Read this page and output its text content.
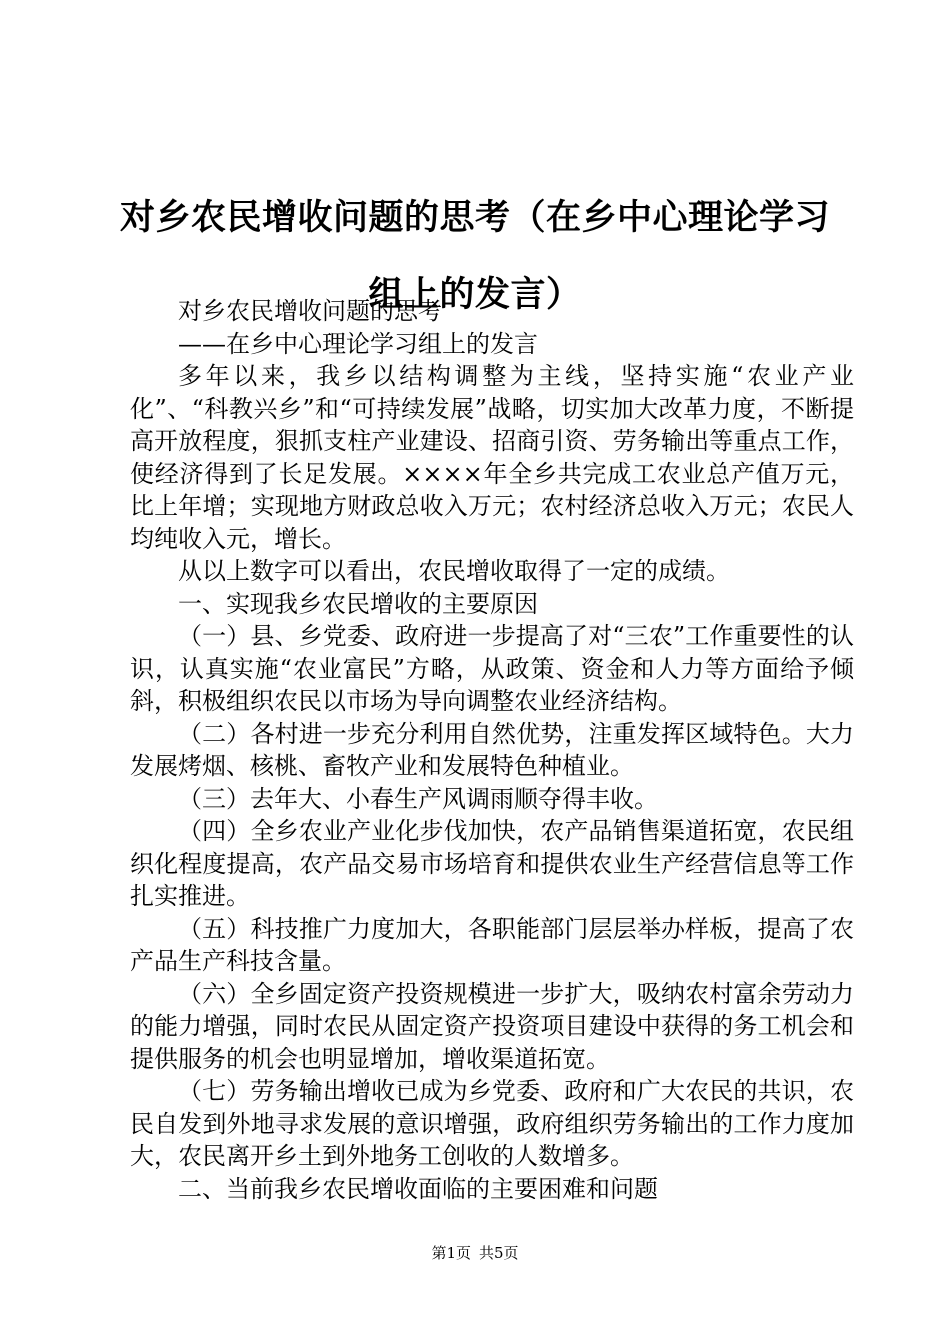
对乡农民增收问题的思考（在乡中心理论学习组上的发言）

对乡农民增收问题的思考

——在乡中心理论学习组上的发言

多年以来，我乡以结构调整为主线，坚持实施“农业产业化”、“科教兴乡”和“可持续发展”战略，切实加大改革力度，不断提高开放程度，狠抓支柱产业建设、招商引资、劳务输出等重点工作，使经济得到了长足发展。××××年全乡共完成工农业总产值万元，比上年增；实现地方财政总收入万元；农村经济总收入万元；农民人均纯收入元，增长。

从以上数字可以看出，农民增收取得了一定的成绩。

一、实现我乡农民增收的主要原因

（一）县、乡党委、政府进一步提高了对“三农”工作重要性的认识，认真实施“农业富民”方略，从政策、资金和人力等方面给予倾斜，积极组织农民以市场为导向调整农业经济结构。

（二）各村进一步充分利用自然优势，注重发挥区域特色。大力发展烤烟、核桃、畜牧产业和发展特色种植业。

（三）去年大、小春生产风调雨顺夺得丰收。

（四）全乡农业产业化步伐加快，农产品销售渠道拓宽，农民组织化程度提高，农产品交易市场培育和提供农业生产经营信息等工作扎实推进。

（五）科技推广力度加大，各职能部门层层举办样板，提高了农产品生产科技含量。

（六）全乡固定资产投资规模进一步扩大，吸纳农村富余劳动力的能力增强，同时农民从固定资产投资项目建设中获得的务工机会和提供服务的机会也明显增加，增收渠道拓宽。

（七）劳务输出增收已成为乡党委、政府和广大农民的共识，农民自发到外地寻求发展的意识增强，政府组织劳务输出的工作力度加大，农民离开乡土到外地务工创收的人数增多。

二、当前我乡农民增收面临的主要困难和问题

第1页 共5页
